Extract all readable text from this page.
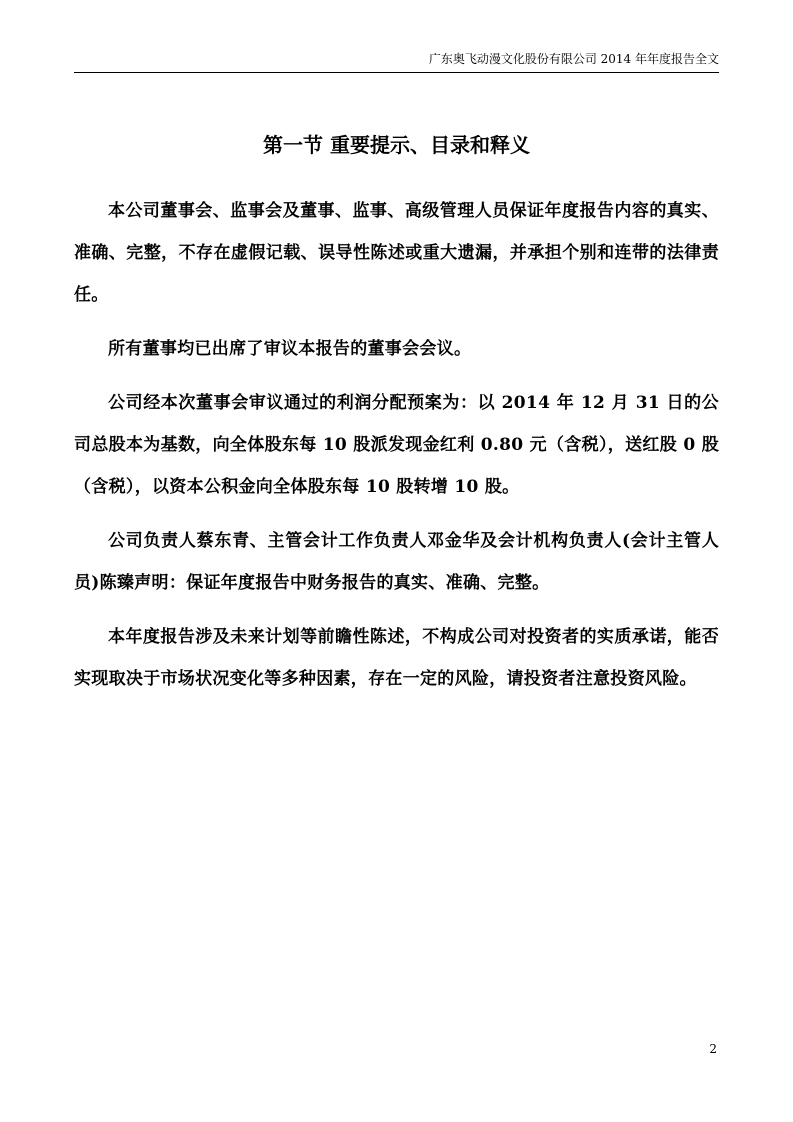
广东奥飞动漫文化股份有限公司 2014 年年度报告全文
第一节 重要提示、目录和释义

本公司董事会、监事会及董事、监事、高级管理人员保证年度报告内容的真实、准确、完整，不存在虚假记载、误导性陈述或重大遗漏，并承担个别和连带的法律责任。

所有董事均已出席了审议本报告的董事会会议。

公司经本次董事会审议通过的利润分配预案为：以 2014 年 12 月 31 日的公司总股本为基数，向全体股东每 10 股派发现金红利 0.80 元（含税），送红股 0 股（含税），以资本公积金向全体股东每 10 股转增 10 股。

公司负责人蔡东青、主管会计工作负责人邓金华及会计机构负责人(会计主管人员)陈臻声明：保证年度报告中财务报告的真实、准确、完整。

本年度报告涉及未来计划等前瞻性陈述，不构成公司对投资者的实质承诺，能否实现取决于市场状况变化等多种因素，存在一定的风险，请投资者注意投资风险。

2
